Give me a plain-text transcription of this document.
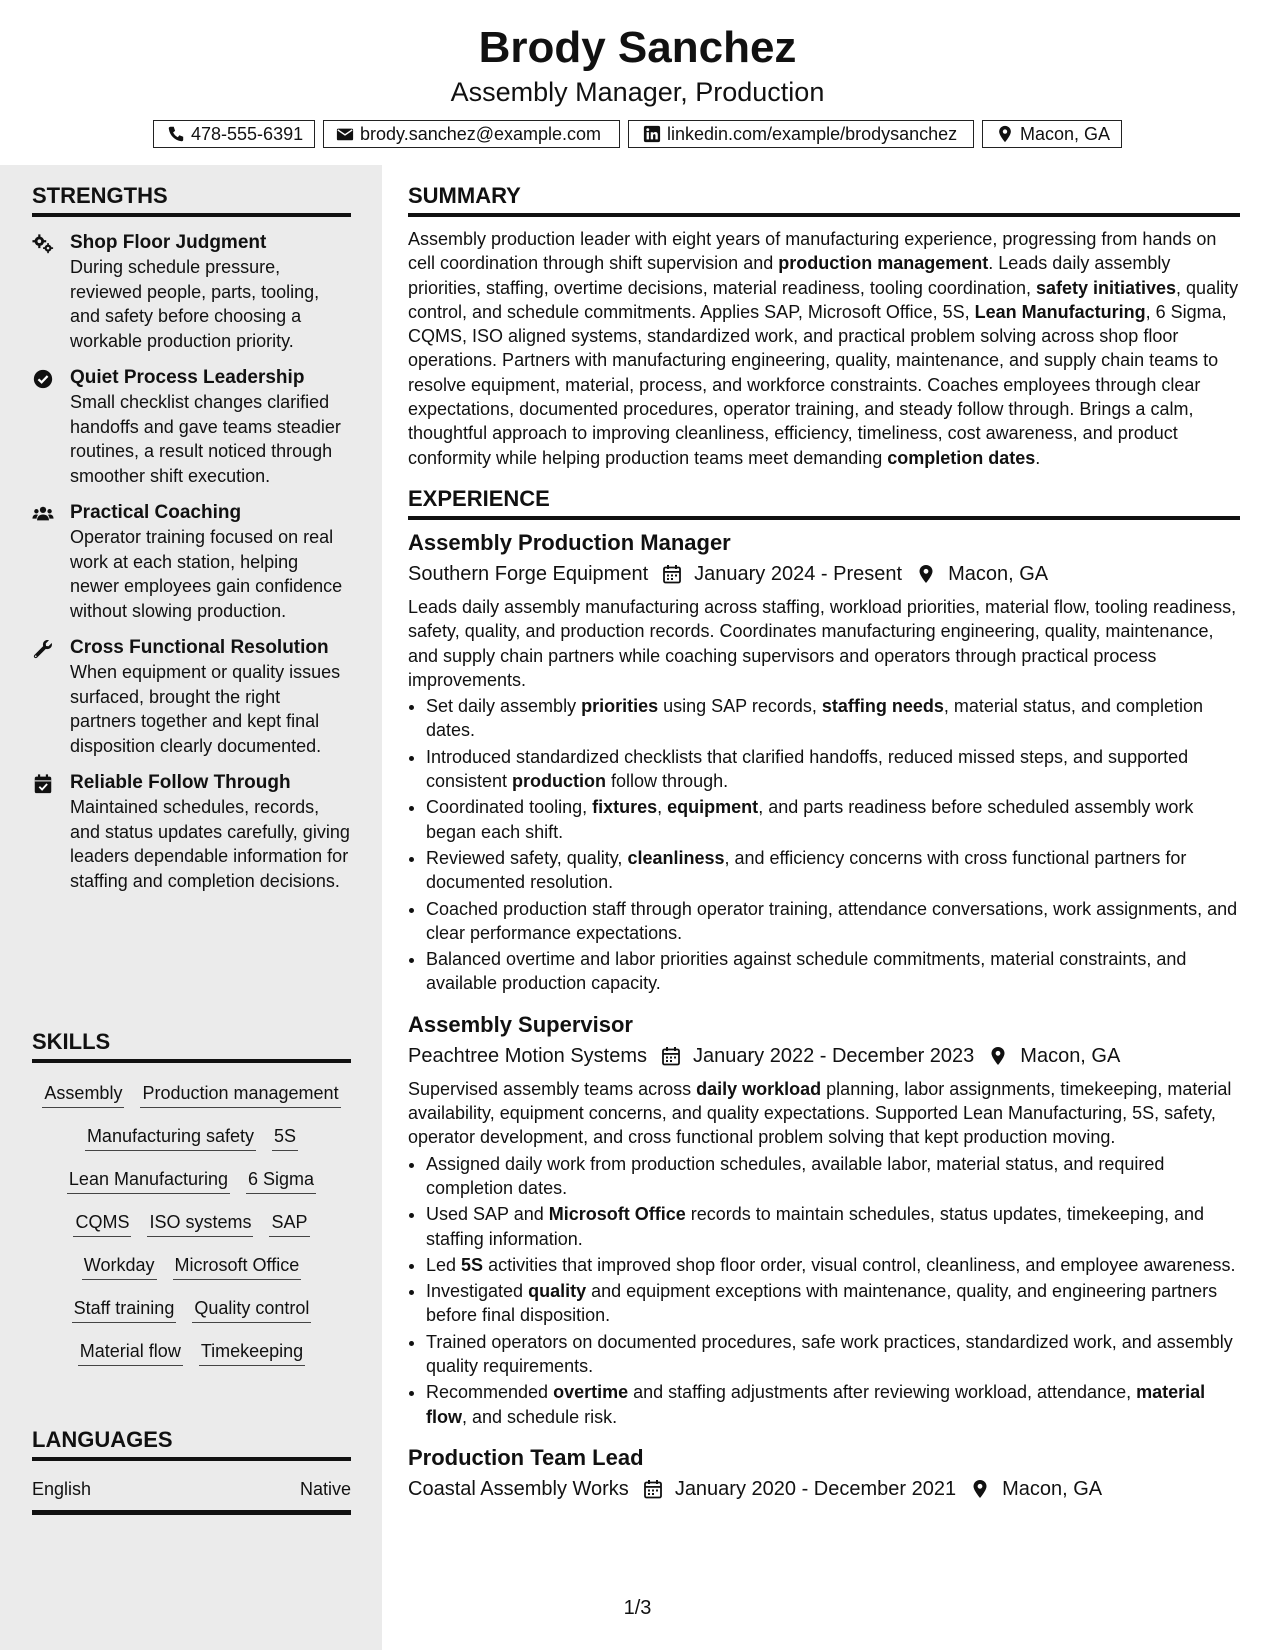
Brody Sanchez
Assembly Manager, Production
478-555-6391	brody.sanchez@example.com	linkedin.com/example/brodysanchez	Macon, GA
STRENGTHS
Shop Floor Judgment
During schedule pressure, reviewed people, parts, tooling, and safety before choosing a workable production priority.
Quiet Process Leadership
Small checklist changes clarified handoffs and gave teams steadier routines, a result noticed through smoother shift execution.
Practical Coaching
Operator training focused on real work at each station, helping newer employees gain confidence without slowing production.
Cross Functional Resolution
When equipment or quality issues surfaced, brought the right partners together and kept final disposition clearly documented.
Reliable Follow Through
Maintained schedules, records, and status updates carefully, giving leaders dependable information for staffing and completion decisions.
SKILLS
Assembly Production management
Manufacturing safety 5S
Lean Manufacturing 6 Sigma
CQMS ISO systems SAP
Workday Microsoft Office
Staff training Quality control
Material flow Timekeeping
LANGUAGES
English	Native
SUMMARY
Assembly production leader with eight years of manufacturing experience, progressing from hands on cell coordination through shift supervision and production management. Leads daily assembly priorities, staffing, overtime decisions, material readiness, tooling coordination, safety initiatives, quality control, and schedule commitments. Applies SAP, Microsoft Office, 5S, Lean Manufacturing, 6 Sigma, CQMS, ISO aligned systems, standardized work, and practical problem solving across shop floor operations. Partners with manufacturing engineering, quality, maintenance, and supply chain teams to resolve equipment, material, process, and workforce constraints. Coaches employees through clear expectations, documented procedures, operator training, and steady follow through. Brings a calm, thoughtful approach to improving cleanliness, efficiency, timeliness, cost awareness, and product conformity while helping production teams meet demanding completion dates.
EXPERIENCE
Assembly Production Manager
Southern Forge Equipment January 2024 - Present Macon, GA
Leads daily assembly manufacturing across staffing, workload priorities, material flow, tooling readiness, safety, quality, and production records. Coordinates manufacturing engineering, quality, maintenance, and supply chain partners while coaching supervisors and operators through practical process improvements.
• Set daily assembly priorities using SAP records, staffing needs, material status, and completion dates.
• Introduced standardized checklists that clarified handoffs, reduced missed steps, and supported consistent production follow through.
• Coordinated tooling, fixtures, equipment, and parts readiness before scheduled assembly work began each shift.
• Reviewed safety, quality, cleanliness, and efficiency concerns with cross functional partners for documented resolution.
• Coached production staff through operator training, attendance conversations, work assignments, and clear performance expectations.
• Balanced overtime and labor priorities against schedule commitments, material constraints, and available production capacity.
Assembly Supervisor
Peachtree Motion Systems January 2022 - December 2023 Macon, GA
Supervised assembly teams across daily workload planning, labor assignments, timekeeping, material availability, equipment concerns, and quality expectations. Supported Lean Manufacturing, 5S, safety, operator development, and cross functional problem solving that kept production moving.
• Assigned daily work from production schedules, available labor, material status, and required completion dates.
• Used SAP and Microsoft Office records to maintain schedules, status updates, timekeeping, and staffing information.
• Led 5S activities that improved shop floor order, visual control, cleanliness, and employee awareness.
• Investigated quality and equipment exceptions with maintenance, quality, and engineering partners before final disposition.
• Trained operators on documented procedures, safe work practices, standardized work, and assembly quality requirements.
• Recommended overtime and staffing adjustments after reviewing workload, attendance, material flow, and schedule risk.
Production Team Lead
Coastal Assembly Works January 2020 - December 2021 Macon, GA
1/3
